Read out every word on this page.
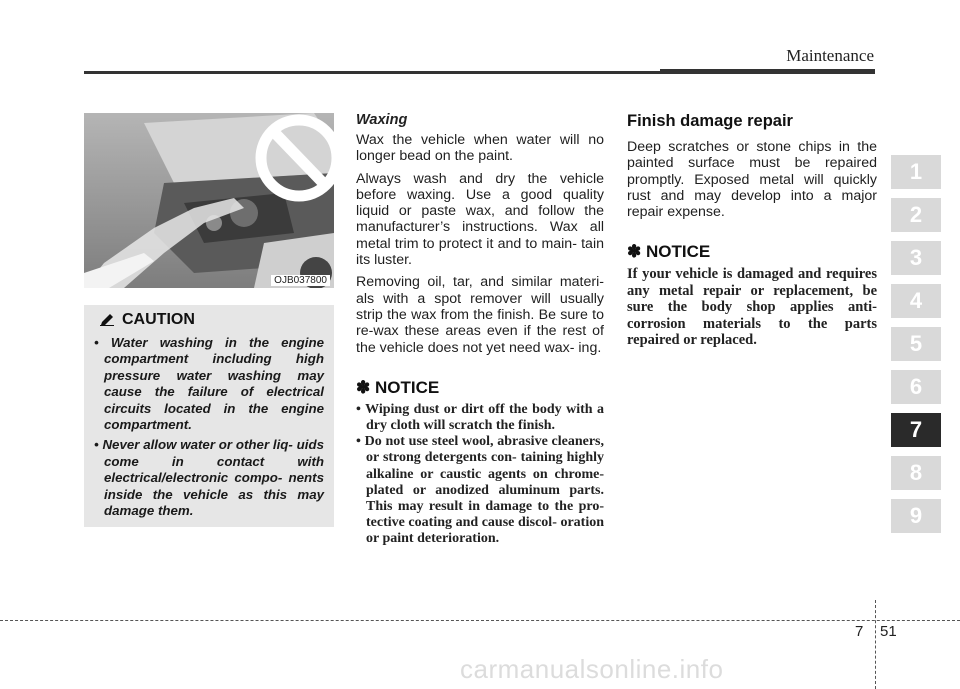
Maintenance
1
2
3
4
5
6
7
8
9
OJB037800
CAUTION
• Water washing in the engine compartment including high pressure water washing may cause the failure of electrical circuits located in the engine compartment.
• Never allow water or other liq- uids come in contact with electrical/electronic compo- nents inside the vehicle as this may damage them.
Waxing

Wax the vehicle when water will no longer bead on the paint.

Always wash and dry the vehicle before waxing. Use a good quality liquid or paste wax, and follow the manufacturer’s instructions. Wax all metal trim to protect it and to main- tain its luster.

Removing oil, tar, and similar materi- als with a spot remover will usually strip the wax from the finish. Be sure to re-wax these areas even if the rest of the vehicle does not yet need wax- ing.

✽ NOTICE
• Wiping dust or dirt off the body with a dry cloth will scratch the finish.
• Do not use steel wool, abrasive cleaners, or strong detergents con- taining highly alkaline or caustic agents on chrome-plated or anodized aluminum parts. This may result in damage to the pro- tective coating and cause discol- oration or paint deterioration.
Finish damage repair

Deep scratches or stone chips in the painted surface must be repaired promptly. Exposed metal will quickly rust and may develop into a major repair expense.

✽ NOTICE

If your vehicle is damaged and requires any metal repair or replacement, be sure the body shop applies anti-corrosion materials to the parts repaired or replaced.

7 51
carmanualsonline.info
